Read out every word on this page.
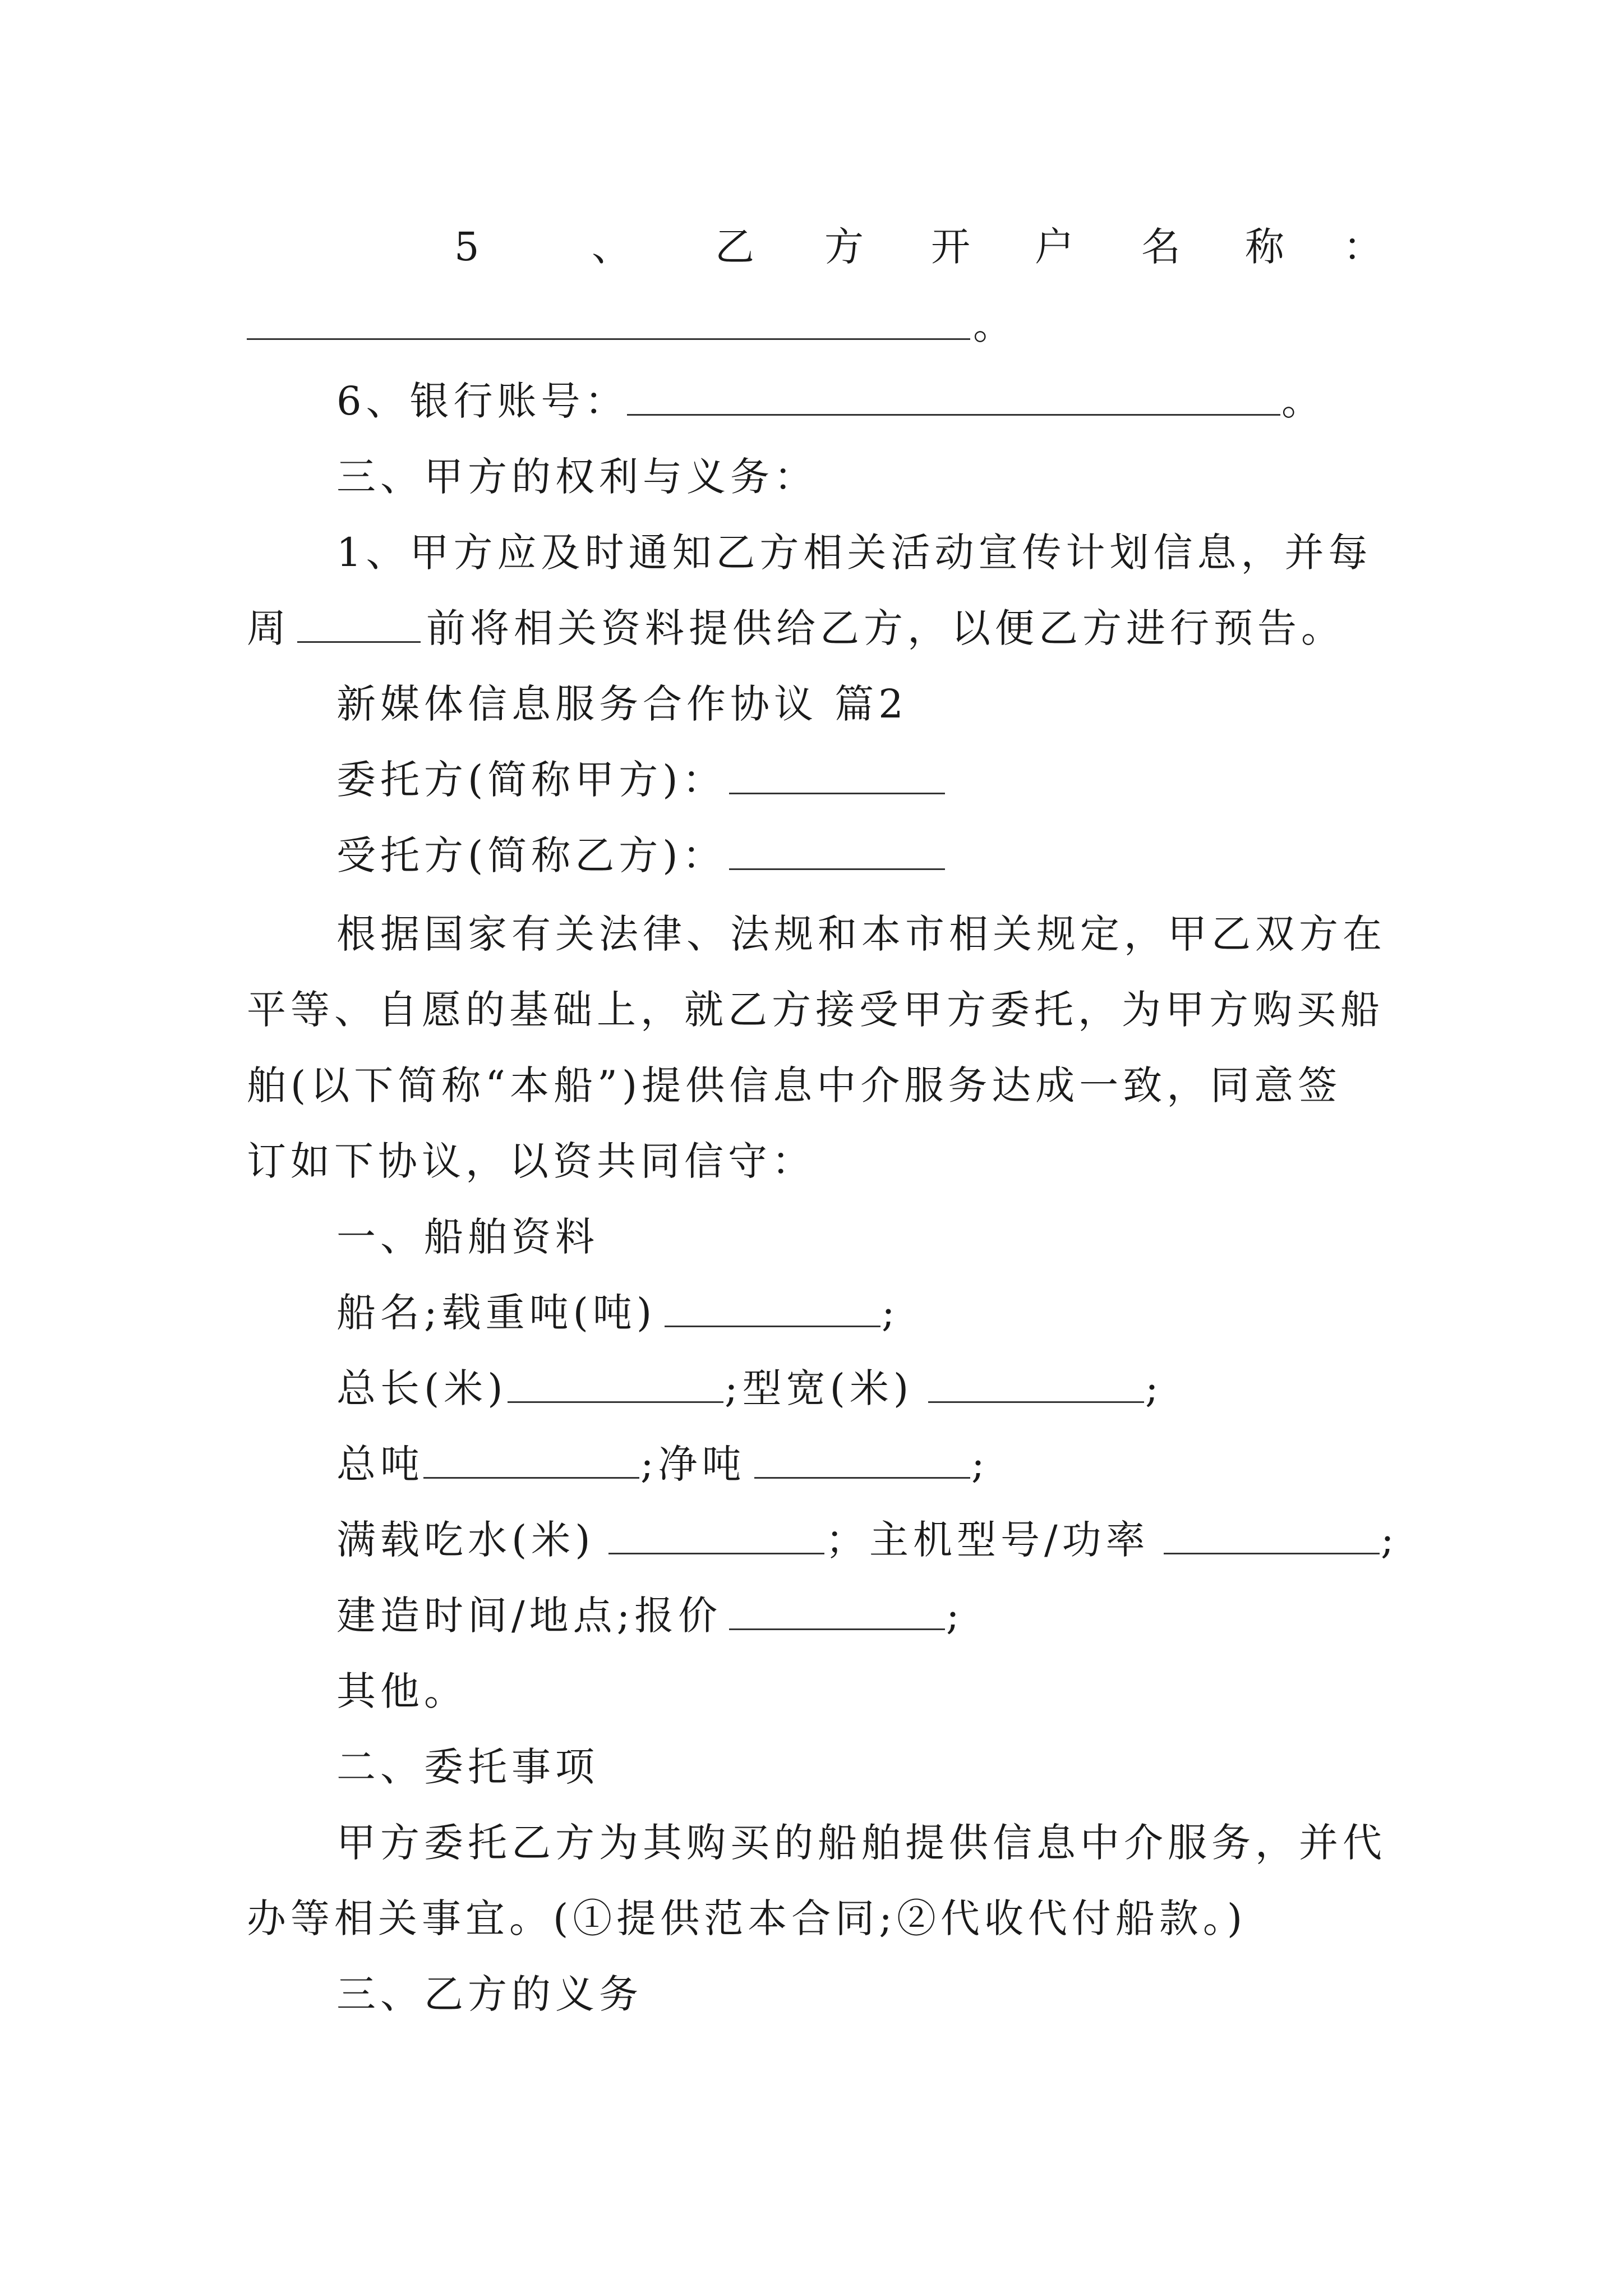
5	、 乙 方 开 户 名 称 ：
。
6、银行账号：	。
三、甲方的权利与义务：
1、甲方应及时通知乙方相关活动宣传计划信息，并每
周	前将相关资料提供给乙方，以便乙方进行预告。
新媒体信息服务合作协议 篇2
委托方(简称甲方)：
受托方(简称乙方)：
根据国家有关法律、法规和本市相关规定，甲乙双方在
平等、自愿的基础上，就乙方接受甲方委托，为甲方购买船
舶(以下简称“本船”)提供信息中介服务达成一致，同意签
订如下协议，以资共同信守：
一、船舶资料
船名;载重吨(吨)	;
总长(米)	;型宽(米)	;
总吨	;净吨	;
满载吃水(米)	；主机型号/功率	;
建造时间/地点;报价	;
其他。
二、委托事项
甲方委托乙方为其购买的船舶提供信息中介服务，并代
办等相关事宜。(①提供范本合同;②代收代付船款。)
三、乙方的义务
